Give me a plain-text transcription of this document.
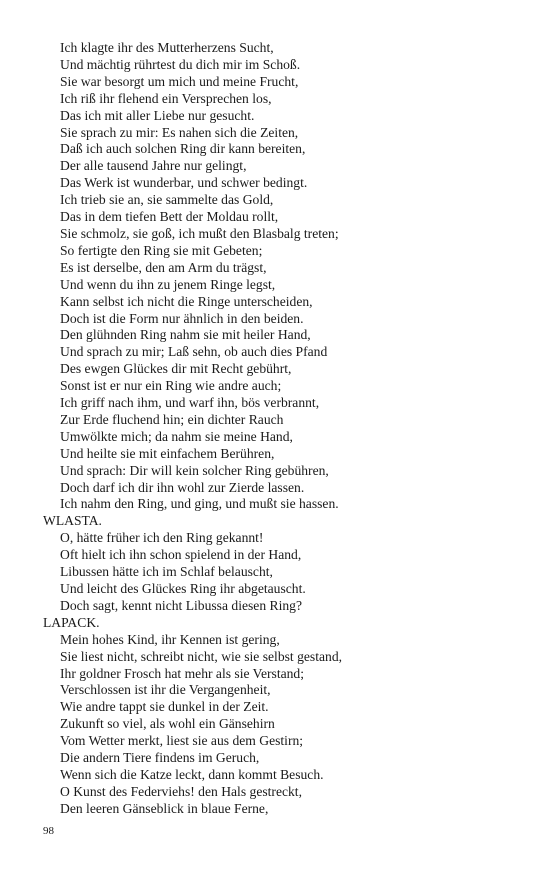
Ich klagte ihr des Mutterherzens Sucht,
Und mächtig rührtest du dich mir im Schoß.
Sie war besorgt um mich und meine Frucht,
Ich riß ihr flehend ein Versprechen los,
Das ich mit aller Liebe nur gesucht.
Sie sprach zu mir: Es nahen sich die Zeiten,
Daß ich auch solchen Ring dir kann bereiten,
Der alle tausend Jahre nur gelingt,
Das Werk ist wunderbar, und schwer bedingt.
Ich trieb sie an, sie sammelte das Gold,
Das in dem tiefen Bett der Moldau rollt,
Sie schmolz, sie goß, ich mußt den Blasbalg treten;
So fertigte den Ring sie mit Gebeten;
Es ist derselbe, den am Arm du trägst,
Und wenn du ihn zu jenem Ringe legst,
Kann selbst ich nicht die Ringe unterscheiden,
Doch ist die Form nur ähnlich in den beiden.
Den glühnden Ring nahm sie mit heiler Hand,
Und sprach zu mir; Laß sehn, ob auch dies Pfand
Des ewgen Glückes dir mit Recht gebührt,
Sonst ist er nur ein Ring wie andre auch;
Ich griff nach ihm, und warf ihn, bös verbrannt,
Zur Erde fluchend hin; ein dichter Rauch
Umwölkte mich; da nahm sie meine Hand,
Und heilte sie mit einfachem Berühren,
Und sprach: Dir will kein solcher Ring gebühren,
Doch darf ich dir ihn wohl zur Zierde lassen.
Ich nahm den Ring, und ging, und mußt sie hassen.
WLASTA.
O, hätte früher ich den Ring gekannt!
Oft hielt ich ihn schon spielend in der Hand,
Libussen hätte ich im Schlaf belauscht,
Und leicht des Glückes Ring ihr abgetauscht.
Doch sagt, kennt nicht Libussa diesen Ring?
LAPACK.
Mein hohes Kind, ihr Kennen ist gering,
Sie liest nicht, schreibt nicht, wie sie selbst gestand,
Ihr goldner Frosch hat mehr als sie Verstand;
Verschlossen ist ihr die Vergangenheit,
Wie andre tappt sie dunkel in der Zeit.
Zukunft so viel, als wohl ein Gänsehirn
Vom Wetter merkt, liest sie aus dem Gestirn;
Die andern Tiere findens im Geruch,
Wenn sich die Katze leckt, dann kommt Besuch.
O Kunst des Federviehs! den Hals gestreckt,
Den leeren Gänseblick in blaue Ferne,
98
